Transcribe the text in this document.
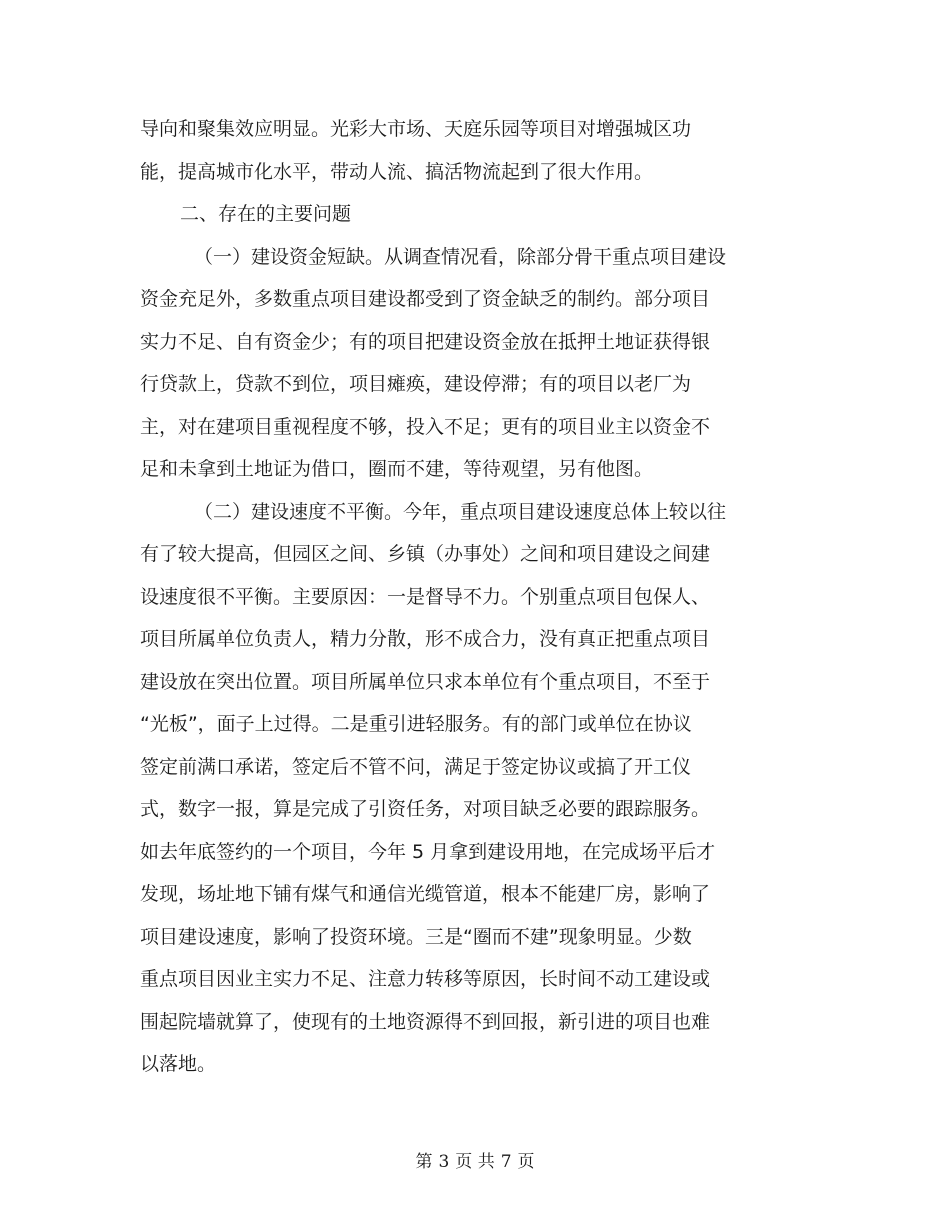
导向和聚集效应明显。光彩大市场、天庭乐园等项目对增强城区功
能，提高城市化水平，带动人流、搞活物流起到了很大作用。
二、存在的主要问题
（一）建设资金短缺。从调查情况看，除部分骨干重点项目建设
资金充足外，多数重点项目建设都受到了资金缺乏的制约。部分项目
实力不足、自有资金少；有的项目把建设资金放在抵押土地证获得银
行贷款上，贷款不到位，项目瘫痪，建设停滞；有的项目以老厂为
主，对在建项目重视程度不够，投入不足；更有的项目业主以资金不
足和未拿到土地证为借口，圈而不建，等待观望，另有他图。
（二）建设速度不平衡。今年，重点项目建设速度总体上较以往
有了较大提高，但园区之间、乡镇（办事处）之间和项目建设之间建
设速度很不平衡。主要原因：一是督导不力。个别重点项目包保人、
项目所属单位负责人，精力分散，形不成合力，没有真正把重点项目
建设放在突出位置。项目所属单位只求本单位有个重点项目，不至于
“光板”，面子上过得。二是重引进轻服务。有的部门或单位在协议
签定前满口承诺，签定后不管不问，满足于签定协议或搞了开工仪
式，数字一报，算是完成了引资任务，对项目缺乏必要的跟踪服务。
如去年底签约的一个项目，今年 5 月拿到建设用地，在完成场平后才
发现，场址地下铺有煤气和通信光缆管道，根本不能建厂房，影响了
项目建设速度，影响了投资环境。三是“圈而不建”现象明显。少数
重点项目因业主实力不足、注意力转移等原因，长时间不动工建设或
围起院墙就算了，使现有的土地资源得不到回报，新引进的项目也难
以落地。
第 3 页 共 7 页
